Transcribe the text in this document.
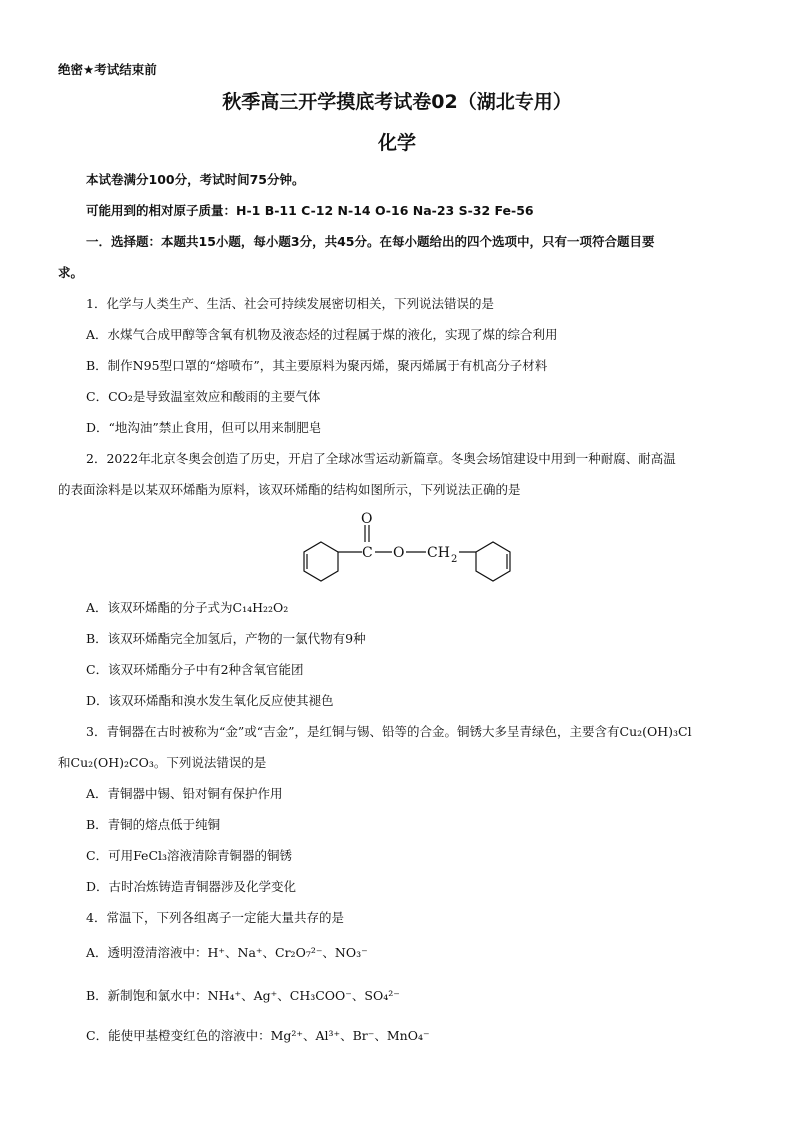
绝密★考试结束前
秋季高三开学摸底考试卷02（湖北专用）
化学
本试卷满分100分，考试时间75分钟。
可能用到的相对原子质量：H-1 B-11 C-12 N-14 O-16 Na-23 S-32 Fe-56
一．选择题：本题共15小题，每小题3分，共45分。在每小题给出的四个选项中，只有一项符合题目要
求。
1．化学与人类生产、生活、社会可持续发展密切相关，下列说法错误的是
A．水煤气合成甲醇等含氧有机物及液态烃的过程属于煤的液化，实现了煤的综合利用
B．制作N95型口罩的“熔喷布”，其主要原料为聚丙烯，聚丙烯属于有机高分子材料
C．CO₂是导致温室效应和酸雨的主要气体
D．“地沟油”禁止食用，但可以用来制肥皂
2．2022年北京冬奥会创造了历史，开启了全球冰雪运动新篇章。冬奥会场馆建设中用到一种耐腐、耐高温
的表面涂料是以某双环烯酯为原料，该双环烯酯的结构如图所示，下列说法正确的是
O
C O CH 2
A．该双环烯酯的分子式为C₁₄H₂₂O₂
B．该双环烯酯完全加氢后，产物的一氯代物有9种
C．该双环烯酯分子中有2种含氧官能团
D．该双环烯酯和溴水发生氧化反应使其褪色
3．青铜器在古时被称为“金”或“吉金”，是红铜与锡、铅等的合金。铜锈大多呈青绿色，主要含有Cu₂(OH)₃Cl
和Cu₂(OH)₂CO₃。下列说法错误的是
A．青铜器中锡、铅对铜有保护作用
B．青铜的熔点低于纯铜
C．可用FeCl₃溶液清除青铜器的铜锈
D．古时冶炼铸造青铜器涉及化学变化
4．常温下，下列各组离子一定能大量共存的是
A．透明澄清溶液中：H⁺、Na⁺、Cr₂O₇²⁻、NO₃⁻
B．新制饱和氯水中：NH₄⁺、Ag⁺、CH₃COO⁻、SO₄²⁻
C．能使甲基橙变红色的溶液中：Mg²⁺、Al³⁺、Br⁻、MnO₄⁻
